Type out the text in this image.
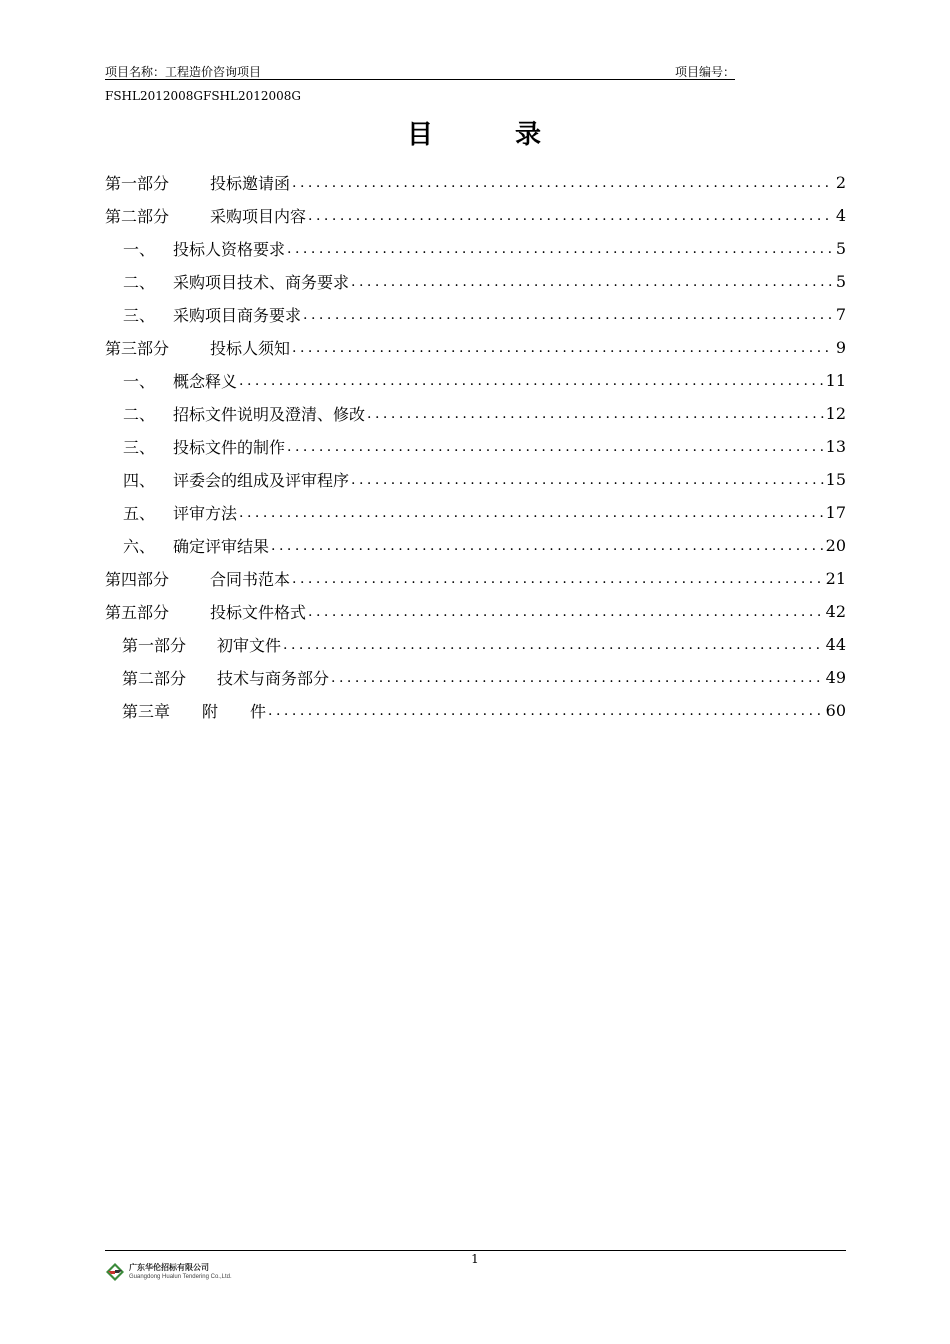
项目名称：工程造价咨询项目	项目编号：
FSHL2012008GFSHL2012008G
目	录
第一部分	投标邀请函 .....	2
第二部分	采购项目内容 .....	4
一、	投标人资格要求 .....	5
二、	采购项目技术、商务要求 .....	5
三、	采购项目商务要求 .....	7
第三部分	投标人须知 .....	9
一、	概念释义 .....	11
二、	招标文件说明及澄清、修改 .....	12
三、	投标文件的制作 .....	13
四、	评委会的组成及评审程序 .....	15
五、	评审方法 .....	17
六、	确定评审结果 .....	20
第四部分	合同书范本 .....	21
第五部分	投标文件格式 .....	42
第一部分	初审文件 .....	44
第二部分	技术与商务部分 .....	49
第三章	附　　件 .....	60
1
广东华伦招标有限公司
Guangdong Hualun Tendering Co.,Ltd.
